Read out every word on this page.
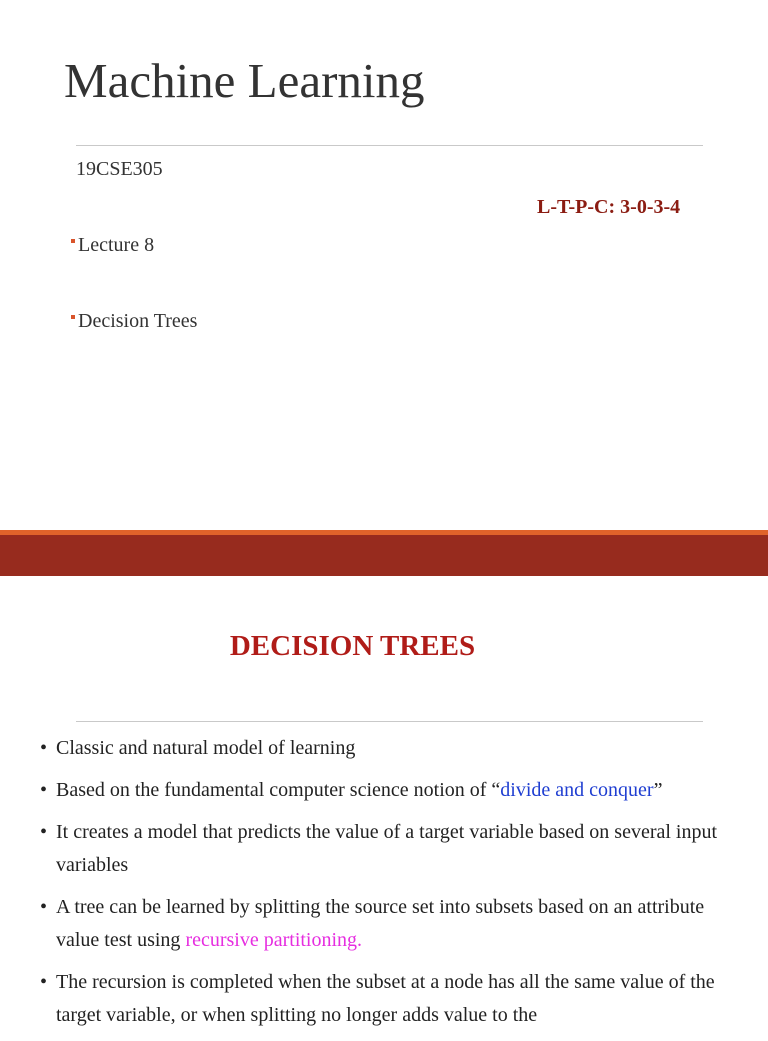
Machine Learning
19CSE305
L-T-P-C: 3-0-3-4
Lecture 8
Decision Trees
DECISION TREES
• Classic and natural model of learning
• Based on the fundamental computer science notion of “divide and conquer”
• It creates a model that predicts the value of a target variable based on several input variables
• A tree can be learned by splitting the source set into subsets based on an attribute value test using recursive partitioning.
• The recursion is completed when the subset at a node has all the same value of the target variable, or when splitting no longer adds value to the
